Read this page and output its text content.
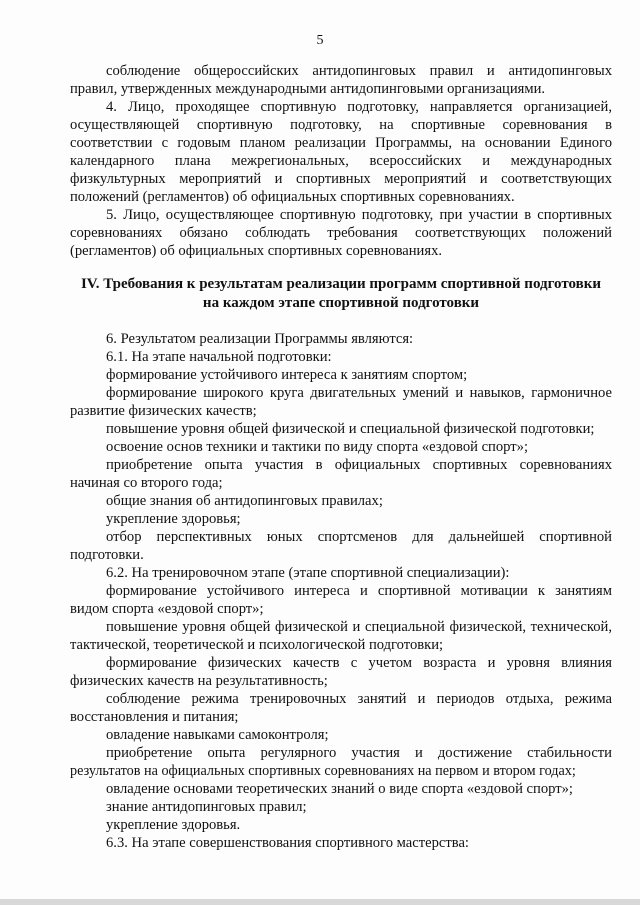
5
соблюдение общероссийских антидопинговых правил и антидопинговых
правил, утвержденных международными антидопинговыми организациями.
4. Лицо, проходящее спортивную подготовку, направляется организацией,
осуществляющей спортивную подготовку, на спортивные соревнования в
соответствии с годовым планом реализации Программы, на основании Единого
календарного плана межрегиональных, всероссийских и международных
физкультурных мероприятий и спортивных мероприятий и соответствующих
положений (регламентов) об официальных спортивных соревнованиях.
5. Лицо, осуществляющее спортивную подготовку, при участии в спортивных
соревнованиях обязано соблюдать требования соответствующих положений
(регламентов) об официальных спортивных соревнованиях.
IV. Требования к результатам реализации программ спортивной подготовки
на каждом этапе спортивной подготовки
6. Результатом реализации Программы являются:
6.1. На этапе начальной подготовки:
формирование устойчивого интереса к занятиям спортом;
формирование широкого круга двигательных умений и навыков, гармоничное
развитие физических качеств;
повышение уровня общей физической и специальной физической подготовки;
освоение основ техники и тактики по виду спорта «ездовой спорт»;
приобретение опыта участия в официальных спортивных соревнованиях
начиная со второго года;
общие знания об антидопинговых правилах;
укрепление здоровья;
отбор перспективных юных спортсменов для дальнейшей спортивной
подготовки.
6.2. На тренировочном этапе (этапе спортивной специализации):
формирование устойчивого интереса и спортивной мотивации к занятиям
видом спорта «ездовой спорт»;
повышение уровня общей физической и специальной физической, технической,
тактической, теоретической и психологической подготовки;
формирование физических качеств с учетом возраста и уровня влияния
физических качеств на результативность;
соблюдение режима тренировочных занятий и периодов отдыха, режима
восстановления и питания;
овладение навыками самоконтроля;
приобретение опыта регулярного участия и достижение стабильности
результатов на официальных спортивных соревнованиях на первом и втором годах;
овладение основами теоретических знаний о виде спорта «ездовой спорт»;
знание антидопинговых правил;
укрепление здоровья.
6.3. На этапе совершенствования спортивного мастерства:
